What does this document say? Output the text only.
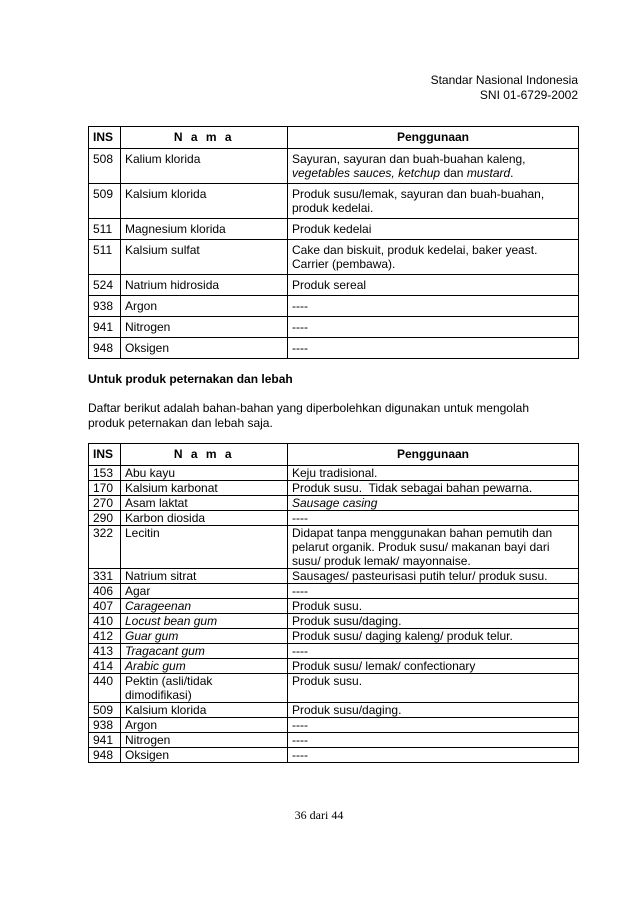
Standar Nasional Indonesia
SNI 01-6729-2002
INS	N a m a	Penggunaan
508	Kalium klorida	Sayuran, sayuran dan buah-buahan kaleng,
vegetables sauces, ketchup dan mustard.

509	Kalsium klorida	Produk susu/lemak, sayuran dan buah-buahan,
produk kedelai.

511	Magnesium klorida	Produk kedelai
511	Kalsium sulfat	Cake dan biskuit, produk kedelai, baker yeast.
Carrier (pembawa).

524	Natrium hidrosida	Produk sereal
938	Argon	----
941	Nitrogen	----
948	Oksigen	----
Untuk produk peternakan dan lebah
Daftar berikut adalah bahan-bahan yang diperbolehkan digunakan untuk mengolah
produk peternakan dan lebah saja.
INS	N a m a	Penggunaan
153	Abu kayu	Keju tradisional.
170	Kalsium karbonat	Produk susu.  Tidak sebagai bahan pewarna.
270	Asam laktat	Sausage casing
290	Karbon diosida	----
322	Lecitin	Didapat tanpa menggunakan bahan pemutih dan
pelarut organik. Produk susu/ makanan bayi dari
susu/ produk lemak/ mayonnaise.

331	Natrium sitrat	Sausages/ pasteurisasi putih telur/ produk susu.
406	Agar	----
407	Carageenan	Produk susu.
410	Locust bean gum	Produk susu/daging.
412	Guar gum	Produk susu/ daging kaleng/ produk telur.
413	Tragacant gum	----
414	Arabic gum	Produk susu/ lemak/ confectionary
440	Pektin (asli/tidak
dimodifikasi)	Produk susu.
509	Kalsium klorida	Produk susu/daging.
938	Argon	----
941	Nitrogen	----
948	Oksigen	----
36 dari 44
